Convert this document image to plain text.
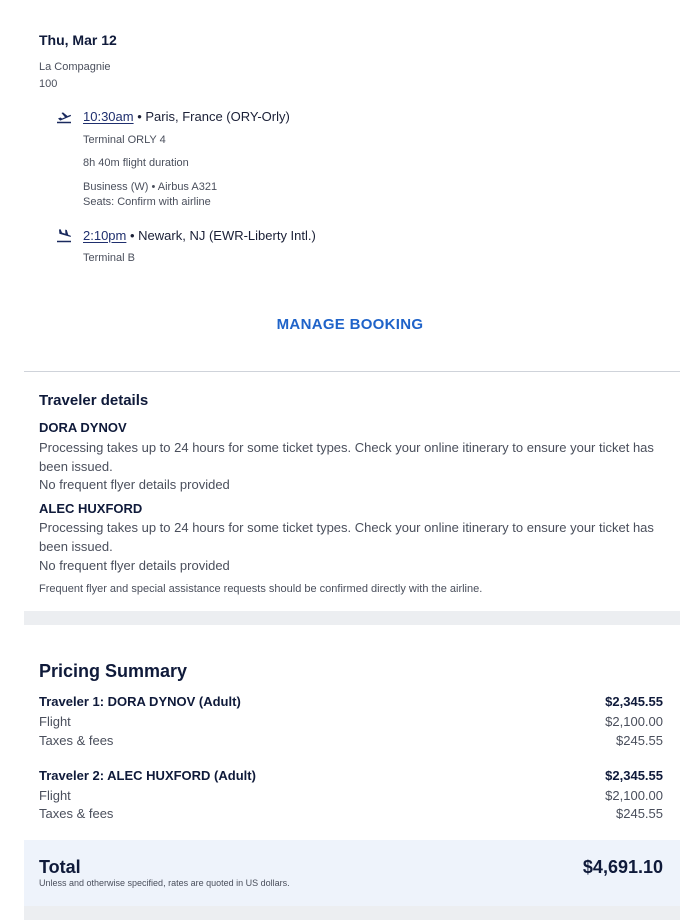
Thu, Mar 12
La Compagnie
100
10:30am • Paris, France (ORY-Orly)
Terminal ORLY 4
8h 40m flight duration
Business (W) • Airbus A321
Seats: Confirm with airline
2:10pm • Newark, NJ (EWR-Liberty Intl.)
Terminal B
MANAGE BOOKING
Traveler details
DORA DYNOV
Processing takes up to 24 hours for some ticket types. Check your online itinerary to ensure your ticket has been issued.
No frequent flyer details provided
ALEC HUXFORD
Processing takes up to 24 hours for some ticket types. Check your online itinerary to ensure your ticket has been issued.
No frequent flyer details provided
Frequent flyer and special assistance requests should be confirmed directly with the airline.
Pricing Summary
Traveler 1: DORA DYNOV (Adult)	$2,345.55
Flight	$2,100.00
Taxes & fees	$245.55
Traveler 2: ALEC HUXFORD (Adult)	$2,345.55
Flight	$2,100.00
Taxes & fees	$245.55
Total	$4,691.10
Unless and otherwise specified, rates are quoted in US dollars.
